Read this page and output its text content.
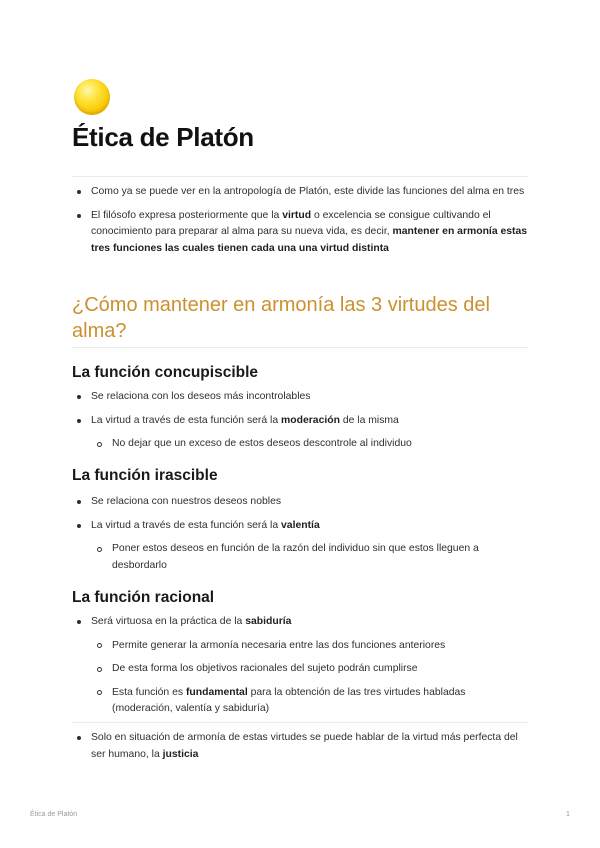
Ética de Platón
Como ya se puede ver en la antropología de Platón, este divide las funciones del alma en tres
El filósofo expresa posteriormente que la virtud o excelencia se consigue cultivando el conocimiento para preparar al alma para su nueva vida, es decir, mantener en armonía estas tres funciones las cuales tienen cada una una virtud distinta
¿Cómo mantener en armonía las 3 virtudes del alma?
La función concupiscible
Se relaciona con los deseos más incontrolables
La virtud a través de esta función será la moderación de la misma
No dejar que un exceso de estos deseos descontrole al individuo
La función irascible
Se relaciona con nuestros deseos nobles
La virtud a través de esta función será la valentía
Poner estos deseos en función de la razón del individuo sin que estos lleguen a desbordarlo
La función racional
Será virtuosa en la práctica de la sabiduría
Permite generar la armonía necesaria entre las dos funciones anteriores
De esta forma los objetivos racionales del sujeto podrán cumplirse
Esta función es fundamental para la obtención de las tres virtudes habladas (moderación, valentía y sabiduría)
Solo en situación de armonía de estas virtudes se puede hablar de la virtud más perfecta del ser humano, la justicia
Ética de Platón	1
